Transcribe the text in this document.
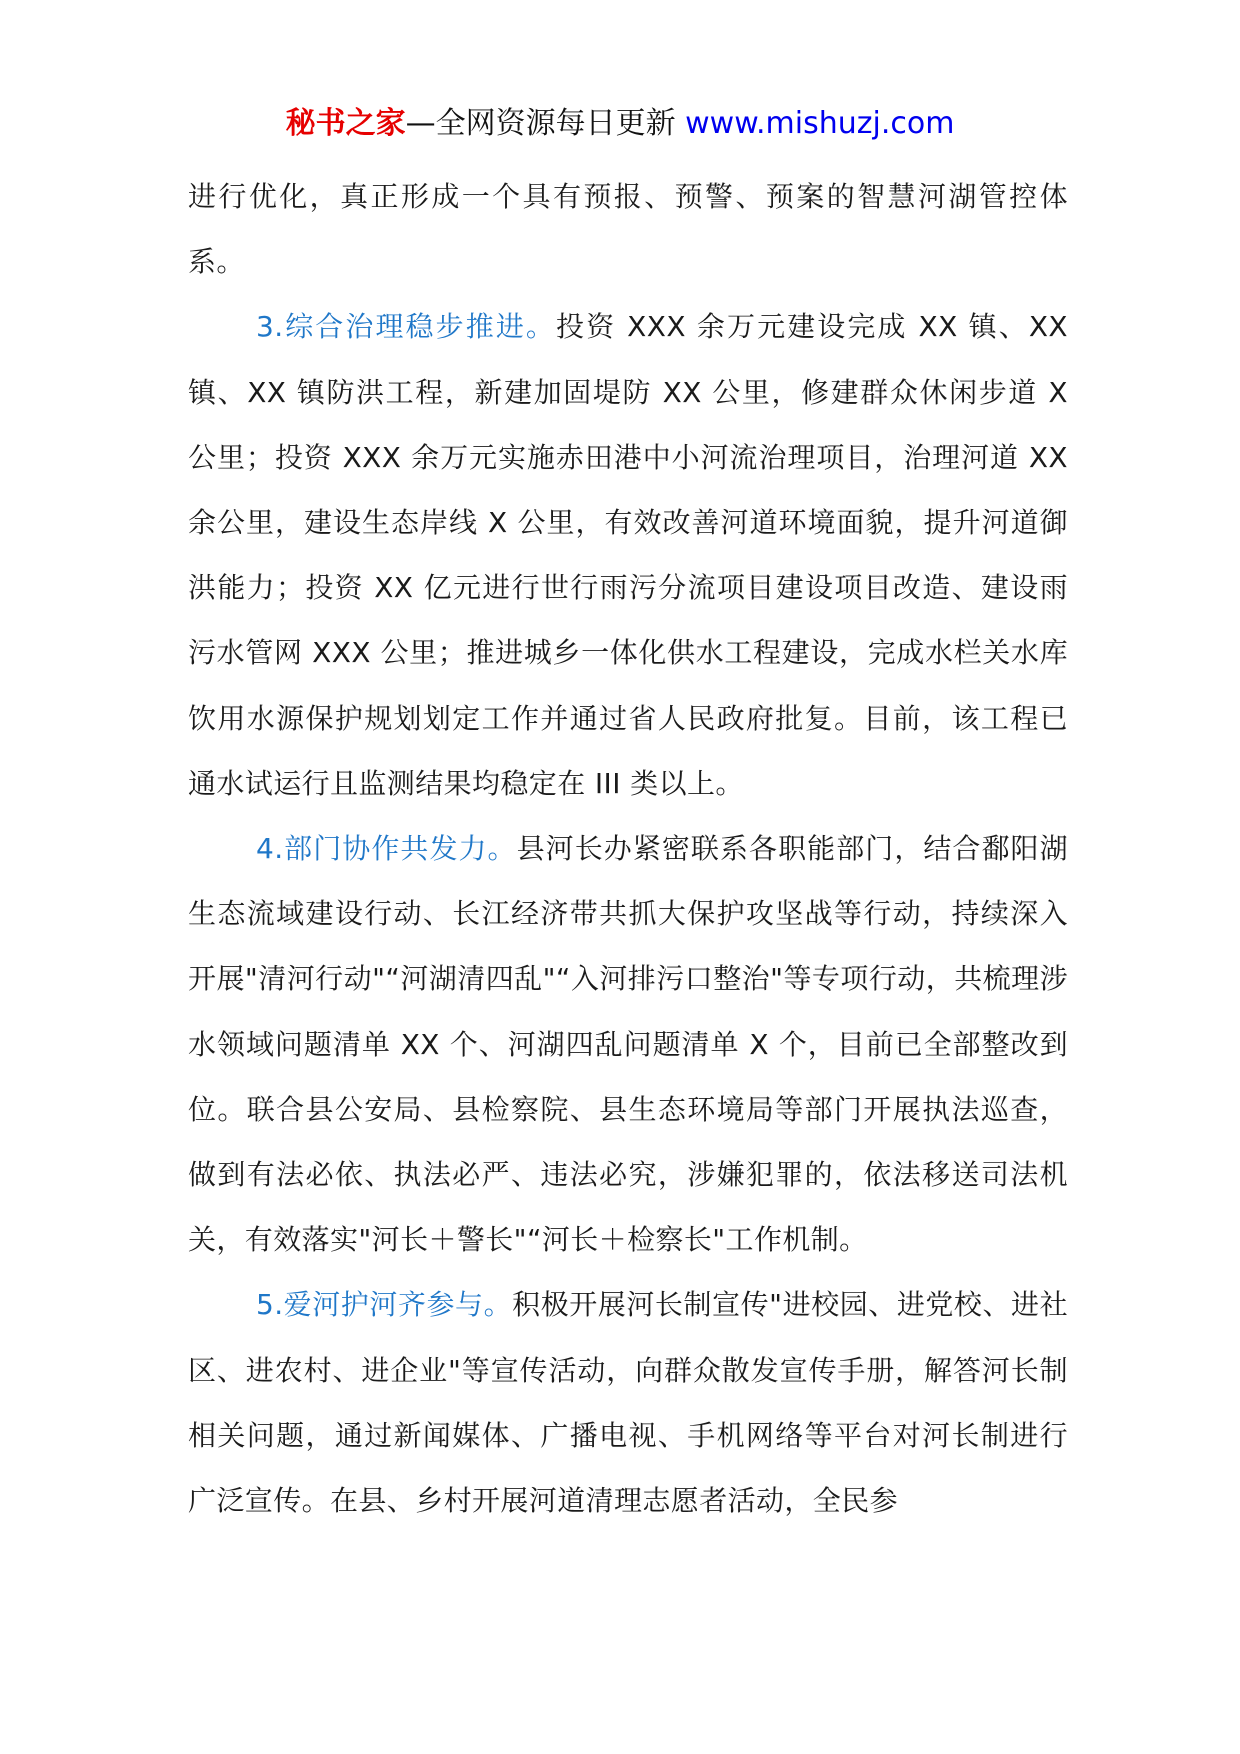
秘书之家—全网资源每日更新 www.mishuzj.com

进行优化，真正形成一个具有预报、预警、预案的智慧河湖管控体系。

3.综合治理稳步推进。投资 XXX 余万元建设完成 XX 镇、XX 镇、XX 镇防洪工程，新建加固堤防 XX 公里，修建群众休闲步道 X 公里；投资 XXX 余万元实施赤田港中小河流治理项目，治理河道 XX 余公里，建设生态岸线 X 公里，有效改善河道环境面貌，提升河道御洪能力；投资 XX 亿元进行世行雨污分流项目建设项目改造、建设雨污水管网 XXX 公里；推进城乡一体化供水工程建设，完成水栏关水库饮用水源保护规划划定工作并通过省人民政府批复。目前，该工程已通水试运行且监测结果均稳定在 III 类以上。

4.部门协作共发力。县河长办紧密联系各职能部门，结合鄱阳湖生态流域建设行动、长江经济带共抓大保护攻坚战等行动，持续深入开展"清河行动"“河湖清四乱"“入河排污口整治"等专项行动，共梳理涉水领域问题清单 XX 个、河湖四乱问题清单 X 个，目前已全部整改到位。联合县公安局、县检察院、县生态环境局等部门开展执法巡查，做到有法必依、执法必严、违法必究，涉嫌犯罪的，依法移送司法机关，有效落实"河长＋警长"“河长＋检察长"工作机制。

5.爱河护河齐参与。积极开展河长制宣传"进校园、进党校、进社区、进农村、进企业"等宣传活动，向群众散发宣传手册，解答河长制相关问题，通过新闻媒体、广播电视、手机网络等平台对河长制进行广泛宣传。在县、乡村开展河道清理志愿者活动，全民参
